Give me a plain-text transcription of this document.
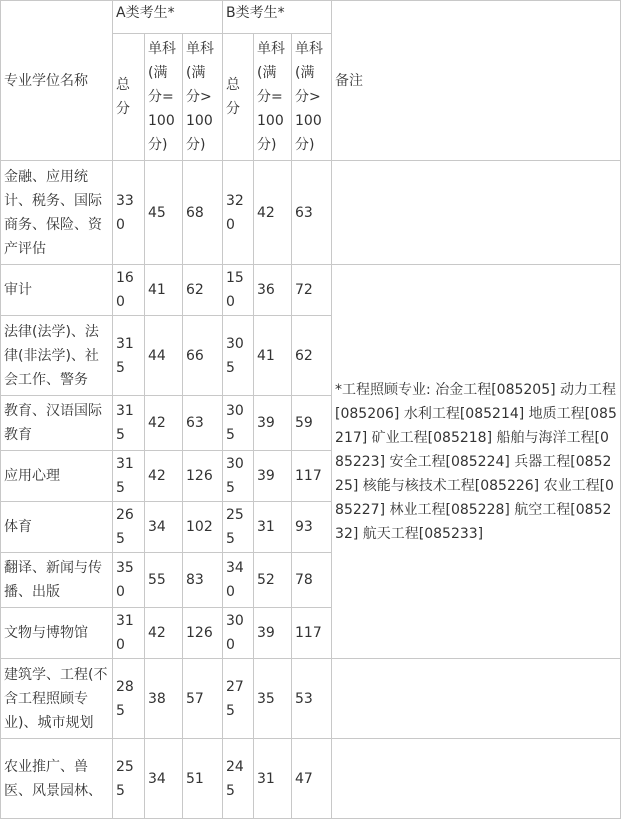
专业学位名称	A类考生*			B类考生*			备注
	总分	单科(满分=100分)	单科(满分>100分)	总分	单科(满分=100分)	单科(满分>100分)	
金融、应用统计、税务、国际商务、保险、资产评估	330	45	68	320	42	63	
审计	160	41	62	150	36	72	*工程照顾专业: 冶金工程[085205] 动力工程[085206] 水利工程[085214] 地质工程[085217] 矿业工程[085218] 船舶与海洋工程[085223] 安全工程[085224] 兵器工程[085225] 核能与核技术工程[085226] 农业工程[085227] 林业工程[085228] 航空工程[085232] 航天工程[085233]
法律(法学)、法律(非法学)、社会工作、警务	315	44	66	305	41	62	
教育、汉语国际教育	315	42	63	305	39	59	
应用心理	315	42	126	305	39	117	
体育	265	34	102	255	31	93	
翻译、新闻与传播、出版	350	55	83	340	52	78	
文物与博物馆	310	42	126	300	39	117	
建筑学、工程(不含工程照顾专业)、城市规划	285	38	57	275	35	53	
农业推广、兽医、风景园林、	255	34	51	245	31	47	
